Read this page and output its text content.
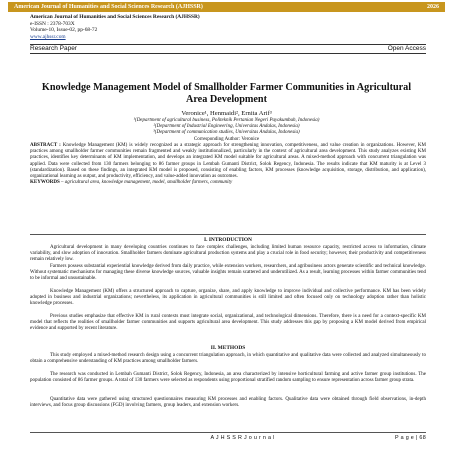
American Journal of Humanities and Social Sciences Research (AJHSSR)	2026
American Journal of Humanities and Social Sciences Research (AJHSSR)
e-ISSN : 2378-703X
Volume-10, Issue-02, pp-68-72
www.ajhssr.com
Research Paper	Open Access
Knowledge Management Model of Smallholder Farmer Communities in Agricultural Area Development
Veronice¹, Henmaidi², Ernita Arif³
¹(Department of agricultural business, Politeknik Pertanian Negeri Payakumbuh, Indonesia)
²(Department of Industrial Engineering, Universitas Andalas, Indonesia)
³(Department of communication studies, Universitas Andalas, Indonesia)
Corresponding Author: Veronice
ABSTRACT : Knowledge Management (KM) is widely recognized as a strategic approach for strengthening innovation, competitiveness, and value creation in organizations. However, KM practices among smallholder farmer communities remain fragmented and weakly institutionalized, particularly in the context of agricultural area development. This study analyzes existing KM practices, identifies key determinants of KM implementation, and develops an integrated KM model suitable for agricultural areas. A mixed-method approach with concurrent triangulation was applied. Data were collected from 130 farmers belonging to 86 farmer groups in Lembah Gumanti District, Solok Regency, Indonesia. The results indicate that KM maturity is at Level 3 (standardization). Based on these findings, an integrated KM model is proposed, consisting of enabling factors, KM processes (knowledge acquisition, storage, distribution, and application), organizational learning as output, and productivity, efficiency, and value-added innovation as outcomes.
KEYWORDS – agricultural area, knowledge management, model, smallholder farmers, community
I. INTRODUCTION
Agricultural development in many developing countries continues to face complex challenges, including limited human resource capacity, restricted access to information, climate variability, and slow adoption of innovation. Smallholder farmers dominate agricultural production systems and play a crucial role in food security; however, their productivity and competitiveness remain relatively low.
Farmers possess substantial experiential knowledge derived from daily practice, while extension workers, researchers, and agribusiness actors generate scientific and technical knowledge. Without systematic mechanisms for managing these diverse knowledge sources, valuable insights remain scattered and underutilized. As a result, learning processes within farmer communities tend to be informal and unsustainable.
Knowledge Management (KM) offers a structured approach to capture, organize, share, and apply knowledge to improve individual and collective performance. KM has been widely adopted in business and industrial organizations; nevertheless, its application in agricultural communities is still limited and often focused only on technology adoption rather than holistic knowledge processes.
Previous studies emphasize that effective KM in rural contexts must integrate social, organizational, and technological dimensions. Therefore, there is a need for a context-specific KM model that reflects the realities of smallholder farmer communities and supports agricultural area development. This study addresses this gap by proposing a KM model derived from empirical evidence and supported by recent literature.
II. METHODS
This study employed a mixed-method research design using a concurrent triangulation approach, in which quantitative and qualitative data were collected and analyzed simultaneously to obtain a comprehensive understanding of KM practices among smallholder farmers.
The research was conducted in Lembah Gumanti District, Solok Regency, Indonesia, an area characterized by intensive horticultural farming and active farmer group institutions. The population consisted of 86 farmer groups. A total of 130 farmers were selected as respondents using proportional stratified random sampling to ensure representation across farmer group strata.
Quantitative data were gathered using structured questionnaires measuring KM processes and enabling factors. Qualitative data were obtained through field observations, in-depth interviews, and focus group discussions (FGD) involving farmers, group leaders, and extension workers.
A J H S S R J o u r n a l	P a g e | 68
